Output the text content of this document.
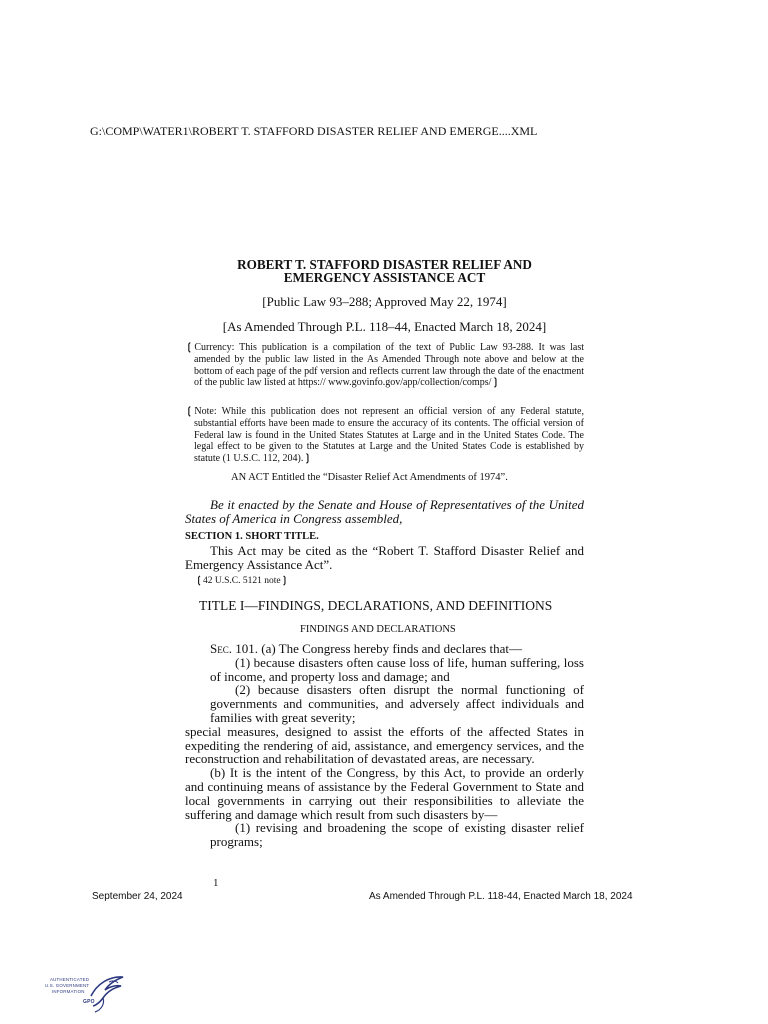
G:\COMP\WATER1\ROBERT T. STAFFORD DISASTER RELIEF AND EMERGE....XML
ROBERT T. STAFFORD DISASTER RELIEF AND
EMERGENCY ASSISTANCE ACT
[Public Law 93–288; Approved May 22, 1974]
[As Amended Through P.L. 118–44, Enacted March 18, 2024]
❲Currency: This publication is a compilation of the text of Public Law 93-288. It was last amended by the public law listed in the As Amended Through note above and below at the bottom of each page of the pdf version and reflects current law through the date of the enactment of the public law listed at https:// www.govinfo.gov/app/collection/comps/❳
❲Note: While this publication does not represent an official version of any Federal statute, substantial efforts have been made to ensure the accuracy of its contents. The official version of Federal law is found in the United States Statutes at Large and in the United States Code. The legal effect to be given to the Statutes at Large and the United States Code is established by statute (1 U.S.C. 112, 204).❳
AN ACT Entitled the “Disaster Relief Act Amendments of 1974”.
Be it enacted by the Senate and House of Representatives of the United States of America in Congress assembled,
SECTION 1. SHORT TITLE.
This Act may be cited as the “Robert T. Stafford Disaster Relief and Emergency Assistance Act”.
❲42 U.S.C. 5121 note❳
TITLE I—FINDINGS, DECLARATIONS, AND DEFINITIONS
FINDINGS AND DECLARATIONS

Sec. 101. (a) The Congress hereby finds and declares that—

(1) because disasters often cause loss of life, human suffering, loss of income, and property loss and damage; and

(2) because disasters often disrupt the normal functioning of governments and communities, and adversely affect individuals and families with great severity;

special measures, designed to assist the efforts of the affected States in expediting the rendering of aid, assistance, and emergency services, and the reconstruction and rehabilitation of devastated areas, are necessary.

(b) It is the intent of the Congress, by this Act, to provide an orderly and continuing means of assistance by the Federal Government to State and local governments in carrying out their responsibilities to alleviate the suffering and damage which result from such disasters by—

(1) revising and broadening the scope of existing disaster relief programs;

1
September 24, 2024	As Amended Through P.L. 118-44, Enacted March 18, 2024
AUTHENTICATED
U.S. GOVERNMENT
INFORMATION
GPO
